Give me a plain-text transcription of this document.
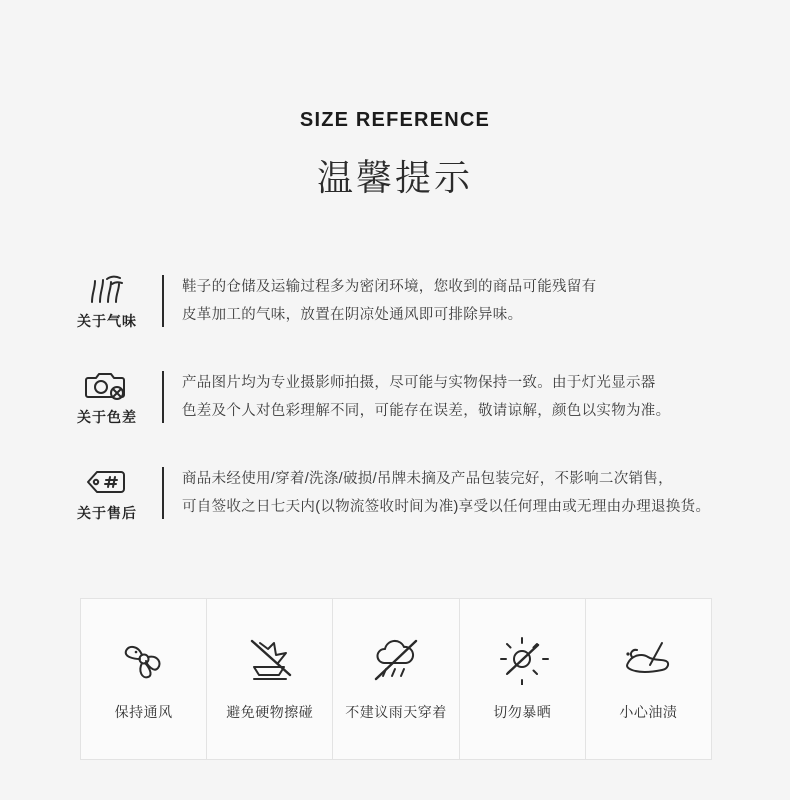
SIZE REFERENCE
温馨提示
关于气味
鞋子的仓储及运输过程多为密闭环境，您收到的商品可能残留有
皮革加工的气味，放置在阴凉处通风即可排除异味。
关于色差
产品图片均为专业摄影师拍摄，尽可能与实物保持一致。由于灯光显示器
色差及个人对色彩理解不同，可能存在误差，敬请谅解，颜色以实物为准。
关于售后
商品未经使用/穿着/洗涤/破损/吊牌未摘及产品包装完好，不影响二次销售，
可自签收之日七天内(以物流签收时间为准)享受以任何理由或无理由办理退换货。
保持通风	避免硬物擦碰 不建议雨天穿着	切勿暴晒	小心油渍
